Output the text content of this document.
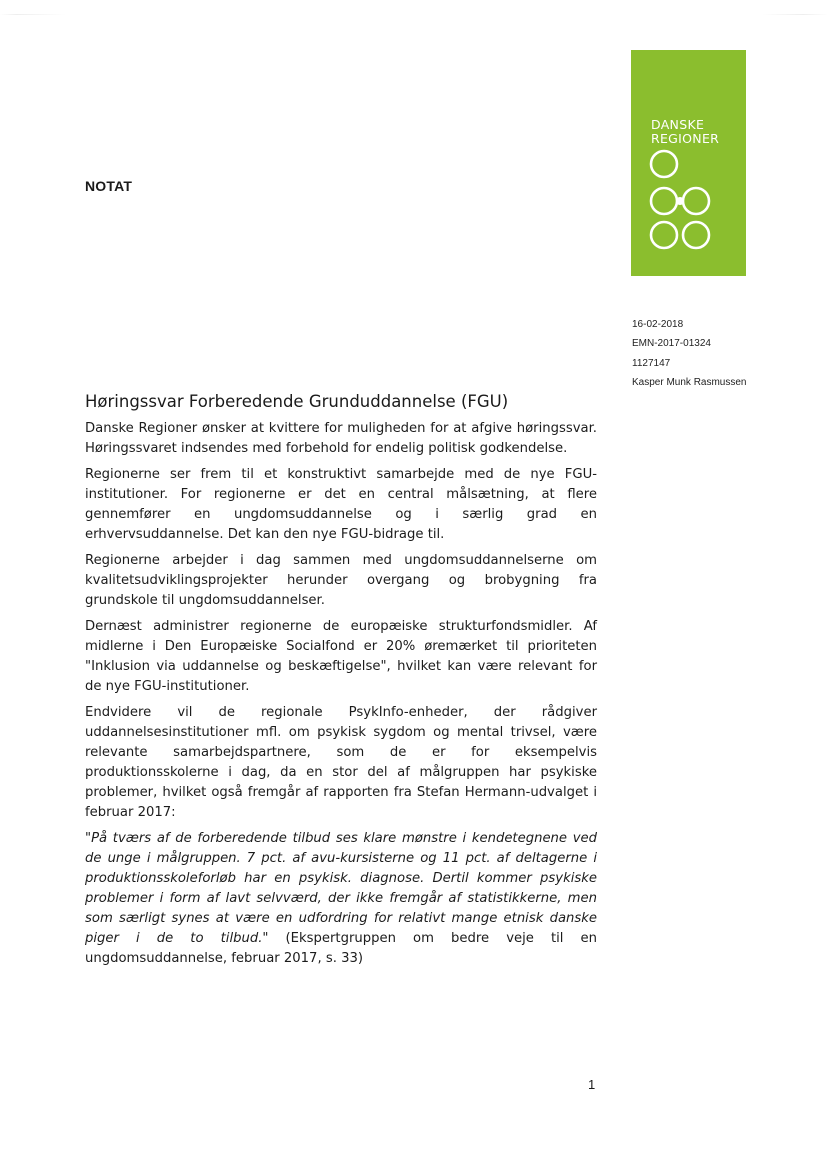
DANSKE
REGIONER
NOTAT
16-02-2018
EMN-2017-01324
1127147
Kasper Munk Rasmussen
Høringssvar Forberedende Grunduddannelse (FGU)

Danske Regioner ønsker at kvittere for muligheden for at afgive høringssvar. Høringssvaret indsendes med forbehold for endelig politisk godkendelse.

Regionerne ser frem til et konstruktivt samarbejde med de nye FGU-institutioner. For regionerne er det en central målsætning, at flere gennemfører en ungdomsuddannelse og i særlig grad en erhvervsuddannelse. Det kan den nye FGU-bidrage til.

Regionerne arbejder i dag sammen med ungdomsuddannelserne om kvalitetsudviklingsprojekter herunder overgang og brobygning fra grundskole til ungdomsuddannelser.

Dernæst administrer regionerne de europæiske strukturfondsmidler. Af midlerne i Den Europæiske Socialfond er 20% øremærket til prioriteten "Inklusion via uddannelse og beskæftigelse", hvilket kan være relevant for de nye FGU-institutioner.

Endvidere vil de regionale PsykInfo-enheder, der rådgiver uddannelsesinstitutioner mfl. om psykisk sygdom og mental trivsel, være relevante samarbejdspartnere, som de er for eksempelvis produktionsskolerne i dag, da en stor del af målgruppen har psykiske problemer, hvilket også fremgår af rapporten fra Stefan Hermann-udvalget i februar 2017:

"På tværs af de forberedende tilbud ses klare mønstre i kendetegnene ved de unge i målgruppen. 7 pct. af avu-kursisterne og 11 pct. af deltagerne i produktionsskoleforløb har en psykisk. diagnose. Dertil kommer psykiske problemer i form af lavt selvværd, der ikke fremgår af statistikkerne, men som særligt synes at være en udfordring for relativt mange etnisk danske piger i de to tilbud." (Ekspertgruppen om bedre veje til en ungdomsuddannelse, februar 2017, s. 33)

1
